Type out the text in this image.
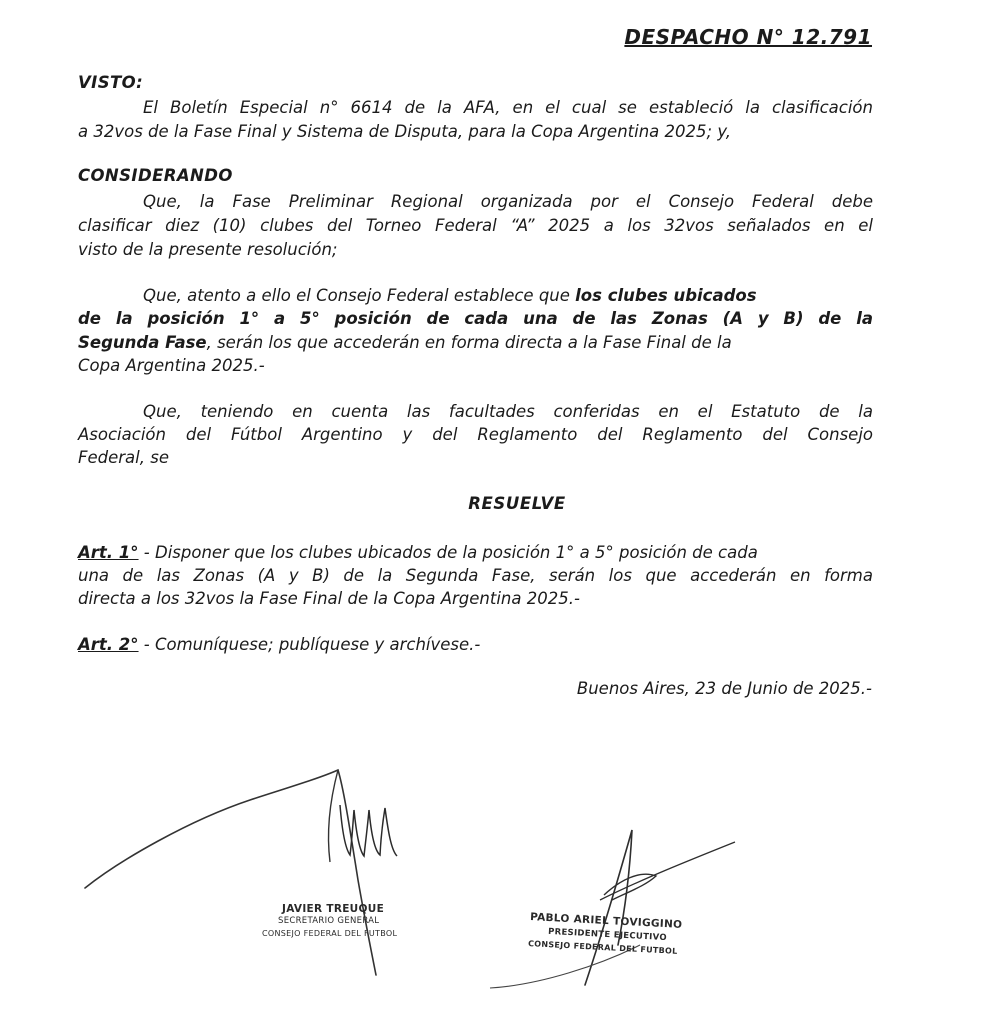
DESPACHO N° 12.791
VISTO:
El Boletín Especial n° 6614 de la AFA, en el cual se estableció la clasificación
a 32vos de la Fase Final y Sistema de Disputa, para la Copa Argentina 2025; y,
CONSIDERANDO
Que, la Fase Preliminar Regional organizada por el Consejo Federal debe
clasificar diez (10) clubes del Torneo Federal “A” 2025 a los 32vos señalados en el
visto de la presente resolución;
Que, atento a ello el Consejo Federal establece que los clubes ubicados
de la posición 1° a 5° posición de cada una de las Zonas (A y B) de la
Segunda Fase, serán los que accederán en forma directa a la Fase Final de la
Copa Argentina 2025.-
Que, teniendo en cuenta las facultades conferidas en el Estatuto de la
Asociación del Fútbol Argentino y del Reglamento del Reglamento del Consejo
Federal, se
RESUELVE
Art. 1° - Disponer que los clubes ubicados de la posición 1° a 5° posición de cada
una de las Zonas (A y B) de la Segunda Fase, serán los que accederán en forma
directa a los 32vos la Fase Final de la Copa Argentina 2025.-
Art. 2° - Comuníquese; publíquese y archívese.-
Buenos Aires, 23 de Junio de 2025.-
JAVIER TREUQUE
SECRETARIO GENERAL
CONSEJO FEDERAL DEL FUTBOL
PABLO ARIEL TOVIGGINO
PRESIDENTE EJECUTIVO
CONSEJO FEDERAL DEL FUTBOL
